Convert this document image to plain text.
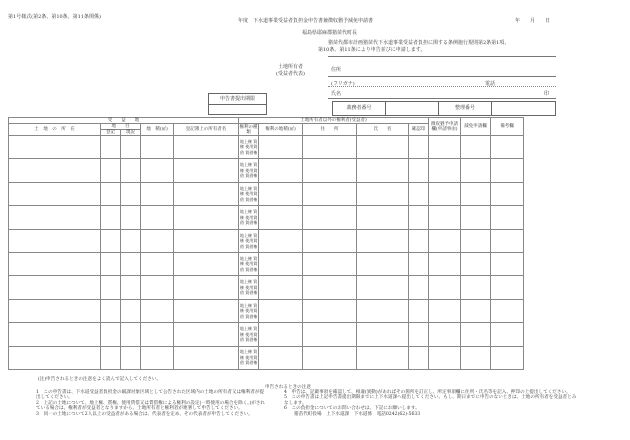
第1号様式(第2条、第10条、第11条関係)
年度　下水道事業受益者負担金申告書兼徴収猶予減免申請書	年　　月　　日
福島県耶麻郡猪苗代町長
猪苗代都市計画猪苗代下水道事業受益者負担に関する条例施行規則第2条第1項、
第10条、第11条により申告並びに申請します。
土地所有者
(受益者代表)
住所
(フリガナ)	電話
氏名	印
申告書提出期限
義務者番号	整理番号
受　　益　　地					土地所有者以外の権利者(受益者)					徴収猶予申請欄(申請事由)	減免申請欄	備考欄
土　地　の　所　在	地　　目		地　積(㎡)	登記簿上の所有者名	権利の種類	権利の地積(㎡)	住　　所	氏　　名	確認印			
	登記	現況										
					地上権 質権 使用貸借 賃借権							
					地上権 質権 使用貸借 賃借権							
					地上権 質権 使用貸借 賃借権							
					地上権 質権 使用貸借 賃借権							
					地上権 質権 使用貸借 賃借権							
					地上権 質権 使用貸借 賃借権							
					地上権 質権 使用貸借 賃借権							
					地上権 質権 使用貸借 賃借権							
					地上権 質権 使用貸借 賃借権							
					地上権 質権 使用貸借 賃借権							
(注)申告されるときの注意をよく読んで記入してください。
申告されるときの注意
1　この申告書は、下水道受益者負担金の賦課対象区域として公告された区域内の土地の所有者又は権利者が提出してください。
2　上記の土地について、地上権、質権、使用貸借又は賃借権による権利の設定(一時使用の場合を除く。)がされている場合は、権利者が受益者となりますから、土地所有者と権利者が連署して申告してください。
3　同一の土地について2人以上の受益者がある場合は、代表者を定め、その代表者が申告してください。
4　申告は、記載事項を確認して、相違(異動)があればその箇所を訂正し、所定事項欄に住所・氏名等を記入、押印の上提出してください。
5　この申告書は上記申告書提出期限までに上下水道課へ提出してください。もし、期日までに申告のないときは、土地の所有者を受益者とみなします。
6　この負担金についてのお問い合わせは、下記にお願いします。
猪苗代町役場　上下水道課　下水道係　電話0242(62)-5633
